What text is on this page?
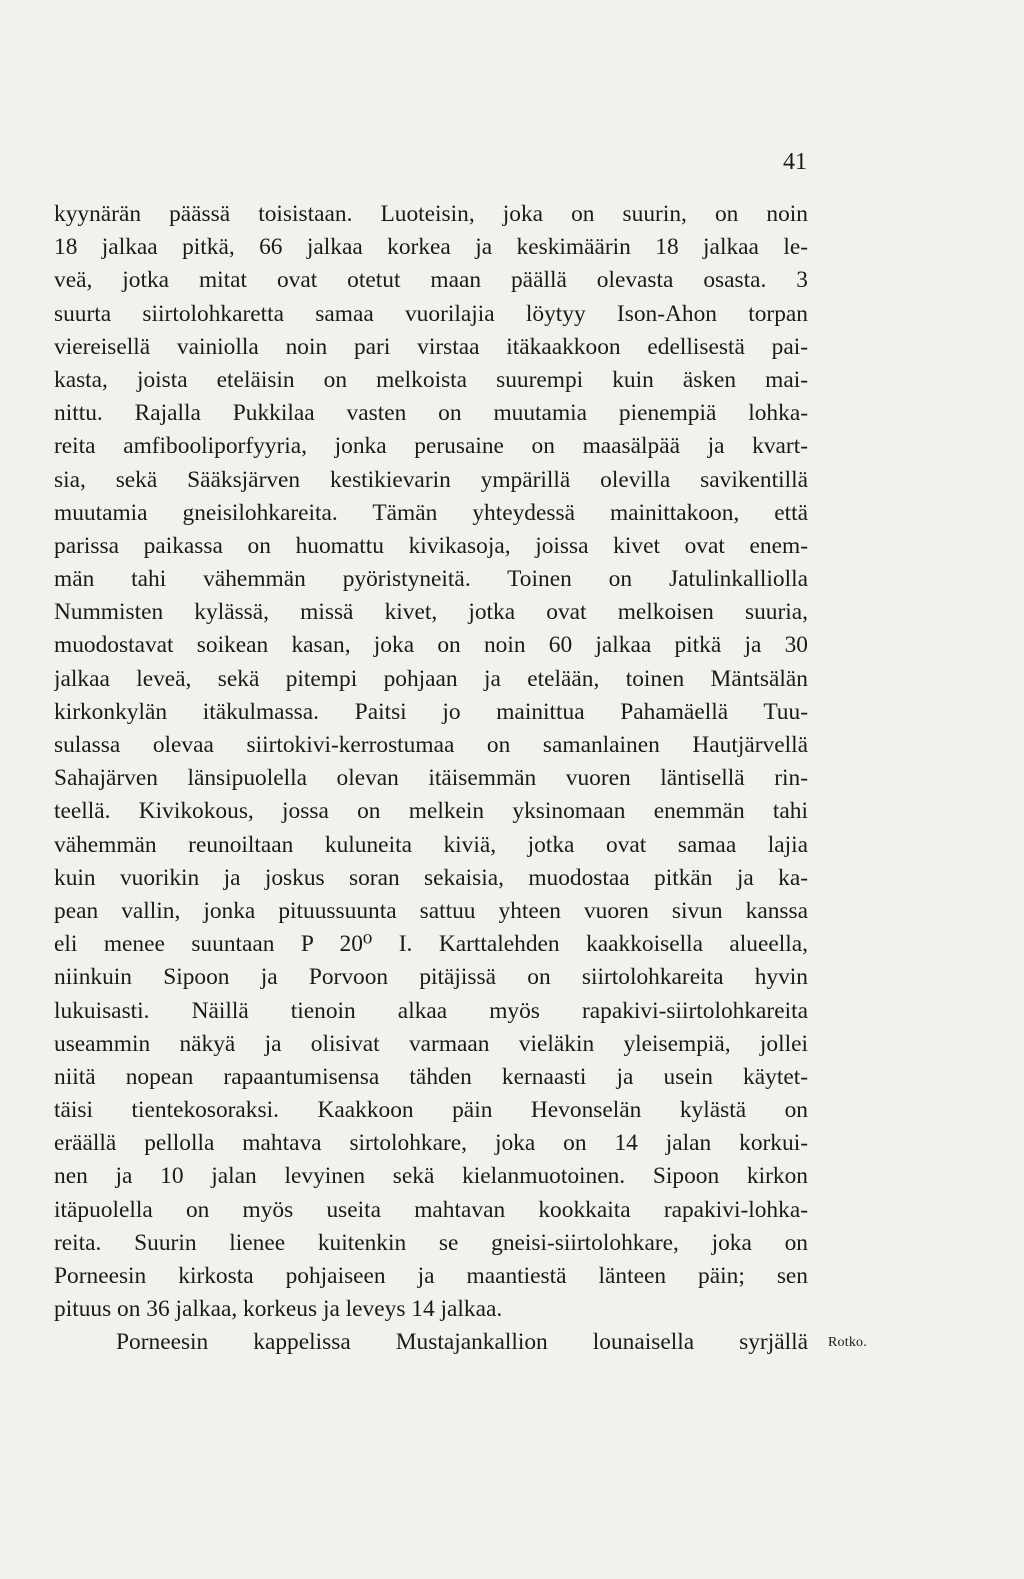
41
kyynärän päässä toisistaan. Luoteisin, joka on suurin, on noin
18 jalkaa pitkä, 66 jalkaa korkea ja keskimäärin 18 jalkaa le-
veä, jotka mitat ovat otetut maan päällä olevasta osasta. 3
suurta siirtolohkaretta samaa vuorilajia löytyy Ison-Ahon torpan
viereisellä vainiolla noin pari virstaa itäkaakkoon edellisestä pai-
kasta, joista eteläisin on melkoista suurempi kuin äsken mai-
nittu. Rajalla Pukkilaa vasten on muutamia pienempiä lohka-
reita amfibooliporfyyria, jonka perusaine on maasälpää ja kvart-
sia, sekä Sääksjärven kestikievarin ympärillä olevilla savikentillä
muutamia gneisilohkareita. Tämän yhteydessä mainittakoon, että
parissa paikassa on huomattu kivikasoja, joissa kivet ovat enem-
män tahi vähemmän pyöristyneitä. Toinen on Jatulinkalliolla
Nummisten kylässä, missä kivet, jotka ovat melkoisen suuria,
muodostavat soikean kasan, joka on noin 60 jalkaa pitkä ja 30
jalkaa leveä, sekä pitempi pohjaan ja etelään, toinen Mäntsälän
kirkonkylän itäkulmassa. Paitsi jo mainittua Pahamäellä Tuu-
sulassa olevaa siirtokivi-kerrostumaa on samanlainen Hautjärvellä
Sahajärven länsipuolella olevan itäisemmän vuoren läntisellä rin-
teellä. Kivikokous, jossa on melkein yksinomaan enemmän tahi
vähemmän reunoiltaan kuluneita kiviä, jotka ovat samaa lajia
kuin vuorikin ja joskus soran sekaisia, muodostaa pitkän ja ka-
pean vallin, jonka pituussuunta sattuu yhteen vuoren sivun kanssa
eli menee suuntaan P 20⁰ I. Karttalehden kaakkoisella alueella,
niinkuin Sipoon ja Porvoon pitäjissä on siirtolohkareita hyvin
lukuisasti. Näillä tienoin alkaa myös rapakivi-siirtolohkareita
useammin näkyä ja olisivat varmaan vieläkin yleisempiä, jollei
niitä nopean rapaantumisensa tähden kernaasti ja usein käytet-
täisi tientekosoraksi. Kaakkoon päin Hevonselän kylästä on
eräällä pellolla mahtava sirtolohkare, joka on 14 jalan korkui-
nen ja 10 jalan levyinen sekä kielanmuotoinen. Sipoon kirkon
itäpuolella on myös useita mahtavan kookkaita rapakivi-lohka-
reita. Suurin lienee kuitenkin se gneisi-siirtolohkare, joka on
Porneesin kirkosta pohjaiseen ja maantiestä länteen päin; sen
pituus on 36 jalkaa, korkeus ja leveys 14 jalkaa.
Porneesin kappelissa Mustajankallion lounaisella syrjällä Rotko.
